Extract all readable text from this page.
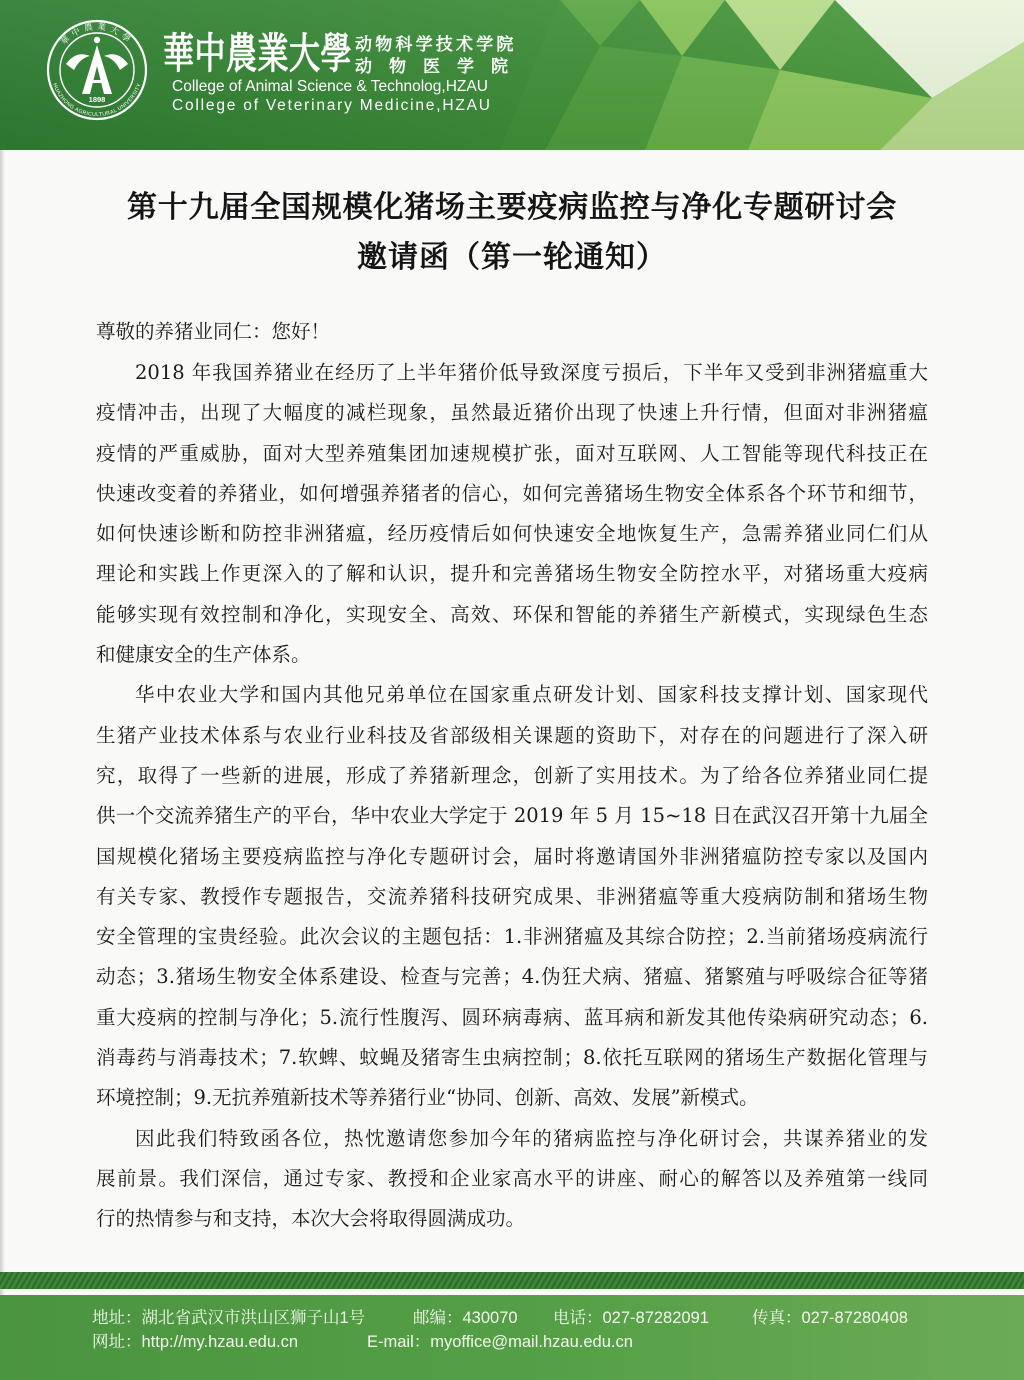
華中農業大學
HUAZHONG AGRICULTURAL UNIVERSITY
1898
華中農業大學 动物科学技术学院
动物医学院
College of Animal Science & Technolog,HZAU
College of Veterinary Medicine,HZAU
第十九届全国规模化猪场主要疫病监控与净化专题研讨会
邀请函（第一轮通知）
尊敬的养猪业同仁：您好！
2018 年我国养猪业在经历了上半年猪价低导致深度亏损后，下半年又受到非洲猪瘟重大
疫情冲击，出现了大幅度的减栏现象，虽然最近猪价出现了快速上升行情，但面对非洲猪瘟
疫情的严重威胁，面对大型养殖集团加速规模扩张，面对互联网、人工智能等现代科技正在
快速改变着的养猪业，如何增强养猪者的信心，如何完善猪场生物安全体系各个环节和细节，
如何快速诊断和防控非洲猪瘟，经历疫情后如何快速安全地恢复生产，急需养猪业同仁们从
理论和实践上作更深入的了解和认识，提升和完善猪场生物安全防控水平，对猪场重大疫病
能够实现有效控制和净化，实现安全、高效、环保和智能的养猪生产新模式，实现绿色生态
和健康安全的生产体系。
华中农业大学和国内其他兄弟单位在国家重点研发计划、国家科技支撑计划、国家现代
生猪产业技术体系与农业行业科技及省部级相关课题的资助下，对存在的问题进行了深入研
究，取得了一些新的进展，形成了养猪新理念，创新了实用技术。为了给各位养猪业同仁提
供一个交流养猪生产的平台，华中农业大学定于 2019 年 5 月 15~18 日在武汉召开第十九届全
国规模化猪场主要疫病监控与净化专题研讨会，届时将邀请国外非洲猪瘟防控专家以及国内
有关专家、教授作专题报告，交流养猪科技研究成果、非洲猪瘟等重大疫病防制和猪场生物
安全管理的宝贵经验。此次会议的主题包括：1.非洲猪瘟及其综合防控；2.当前猪场疫病流行
动态；3.猪场生物安全体系建设、检查与完善；4.伪狂犬病、猪瘟、猪繁殖与呼吸综合征等猪
重大疫病的控制与净化；5.流行性腹泻、圆环病毒病、蓝耳病和新发其他传染病研究动态；6.
消毒药与消毒技术；7.软蜱、蚊蝇及猪寄生虫病控制；8.依托互联网的猪场生产数据化管理与
环境控制；9.无抗养殖新技术等养猪行业“协同、创新、高效、发展”新模式。
因此我们特致函各位，热忱邀请您参加今年的猪病监控与净化研讨会，共谋养猪业的发
展前景。我们深信，通过专家、教授和企业家高水平的讲座、耐心的解答以及养殖第一线同
行的热情参与和支持，本次大会将取得圆满成功。
地址：湖北省武汉市洪山区狮子山1号	邮编：430070 电话：027-87282091	传真：027-87280408
网址：http://my.hzau.edu.cn	E-mail：myoffice@mail.hzau.edu.cn
